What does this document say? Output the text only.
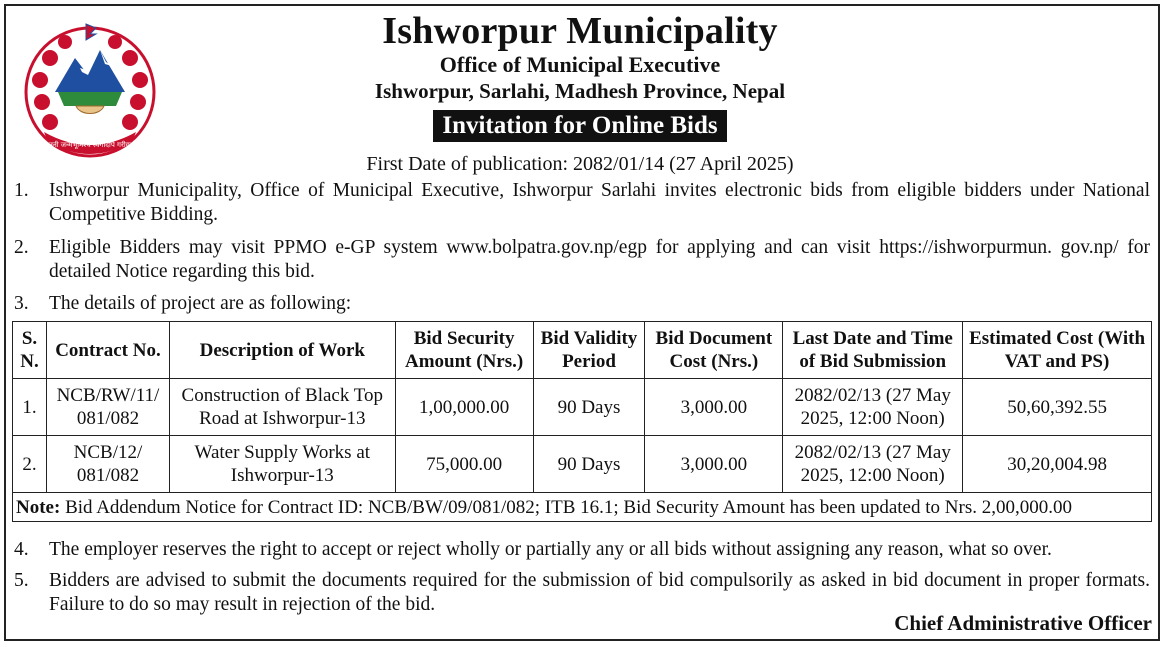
जननी जन्मभूमिश्च स्वर्गादपि गरीयसी
Ishworpur Municipality
Office of Municipal Executive
Ishworpur, Sarlahi, Madhesh Province, Nepal
Invitation for Online Bids
First Date of publication: 2082/01/14 (27 April 2025)
1. Ishworpur Municipality, Office of Municipal Executive, Ishworpur Sarlahi invites electronic bids from eligible bidders under National Competitive Bidding.
2. Eligible Bidders may visit PPMO e-GP system www.bolpatra.gov.np/egp for applying and can visit https://ishworpurmun. gov.np/ for detailed Notice regarding this bid.
3. The details of project are as following:
S. N.	Contract No.	Description of Work	Bid Security Amount (Nrs.)	Bid Validity Period	Bid Document Cost (Nrs.)	Last Date and Time of Bid Submission	Estimated Cost (With VAT and PS)
1.	NCB/RW/11/ 081/082	Construction of Black Top Road at Ishworpur-13	1,00,000.00	90 Days	3,000.00	2082/02/13 (27 May 2025, 12:00 Noon)	50,60,392.55
2.	NCB/12/ 081/082	Water Supply Works at Ishworpur-13	75,000.00	90 Days	3,000.00	2082/02/13 (27 May 2025, 12:00 Noon)	30,20,004.98
Note: Bid Addendum Notice for Contract ID: NCB/BW/09/081/082; ITB 16.1; Bid Security Amount has been updated to Nrs. 2,00,000.00							
4. The employer reserves the right to accept or reject wholly or partially any or all bids without assigning any reason, what so over.
5. Bidders are advised to submit the documents required for the submission of bid compulsorily as asked in bid document in proper formats. Failure to do so may result in rejection of the bid.
Chief Administrative Officer
